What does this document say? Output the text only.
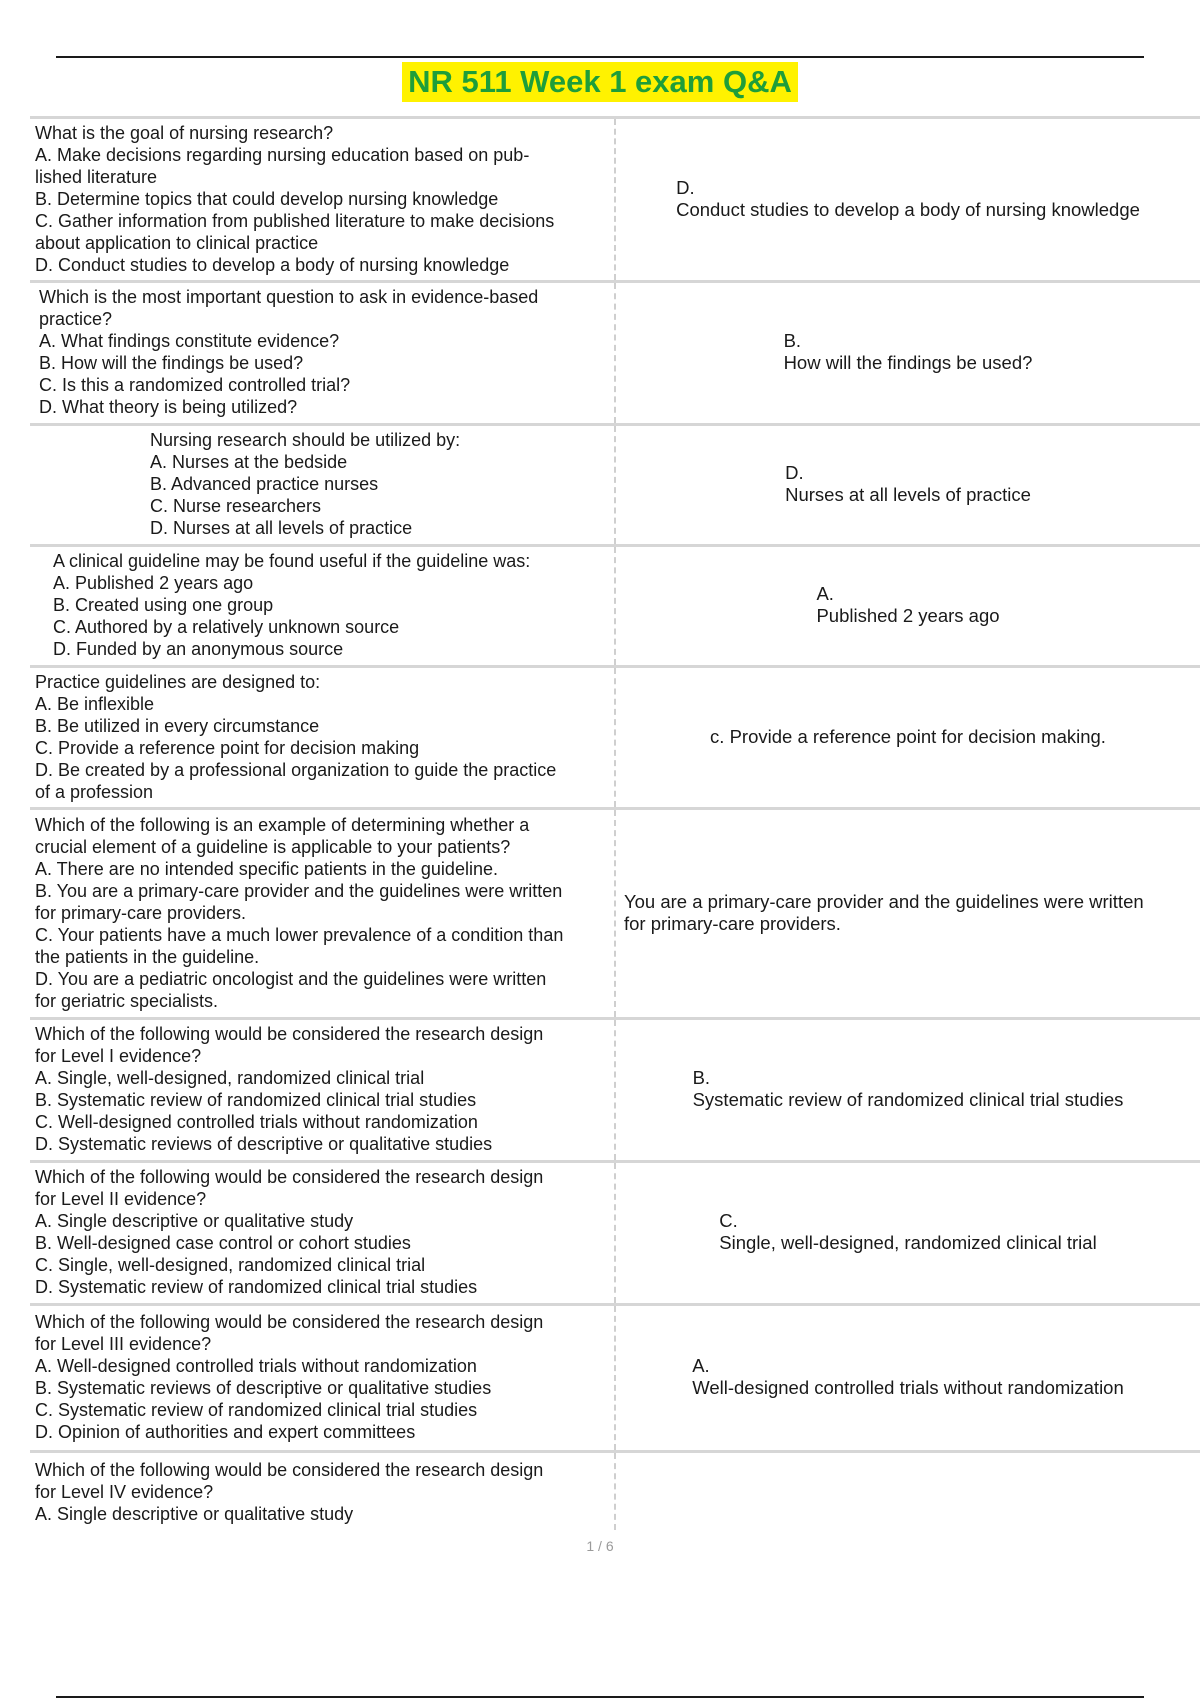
NR 511 Week 1 exam Q&A
What is the goal of nursing research?
A. Make decisions regarding nursing education based on pub-
lished literature
B. Determine topics that could develop nursing knowledge
C. Gather information from published literature to make decisions
about application to clinical practice
D. Conduct studies to develop a body of nursing knowledge
D.
Conduct studies to develop a body of nursing knowledge
Which is the most important question to ask in evidence-based
practice?
A. What findings constitute evidence?
B. How will the findings be used?
C. Is this a randomized controlled trial?
D. What theory is being utilized?
B.
How will the findings be used?
Nursing research should be utilized by:
A. Nurses at the bedside
B. Advanced practice nurses
C. Nurse researchers
D. Nurses at all levels of practice
D.
Nurses at all levels of practice
A clinical guideline may be found useful if the guideline was:
A. Published 2 years ago
B. Created using one group
C. Authored by a relatively unknown source
D. Funded by an anonymous source
A.
Published 2 years ago
Practice guidelines are designed to:
A. Be inflexible
B. Be utilized in every circumstance
C. Provide a reference point for decision making
D. Be created by a professional organization to guide the practice
of a profession
c. Provide a reference point for decision making.
Which of the following is an example of determining whether a
crucial element of a guideline is applicable to your patients?
A. There are no intended specific patients in the guideline.
B. You are a primary-care provider and the guidelines were written
for primary-care providers.
C. Your patients have a much lower prevalence of a condition than
the patients in the guideline.
D. You are a pediatric oncologist and the guidelines were written
for geriatric specialists.
You are a primary-care provider and the guidelines were written
for primary-care providers.
Which of the following would be considered the research design
for Level I evidence?
A. Single, well-designed, randomized clinical trial
B. Systematic review of randomized clinical trial studies
C. Well-designed controlled trials without randomization
D. Systematic reviews of descriptive or qualitative studies
B.
Systematic review of randomized clinical trial studies
Which of the following would be considered the research design
for Level II evidence?
A. Single descriptive or qualitative study
B. Well-designed case control or cohort studies
C. Single, well-designed, randomized clinical trial
D. Systematic review of randomized clinical trial studies
C.
Single, well-designed, randomized clinical trial
Which of the following would be considered the research design
for Level III evidence?
A. Well-designed controlled trials without randomization
B. Systematic reviews of descriptive or qualitative studies
C. Systematic review of randomized clinical trial studies
D. Opinion of authorities and expert committees
A.
Well-designed controlled trials without randomization
Which of the following would be considered the research design
for Level IV evidence?
A. Single descriptive or qualitative study
1 / 6
